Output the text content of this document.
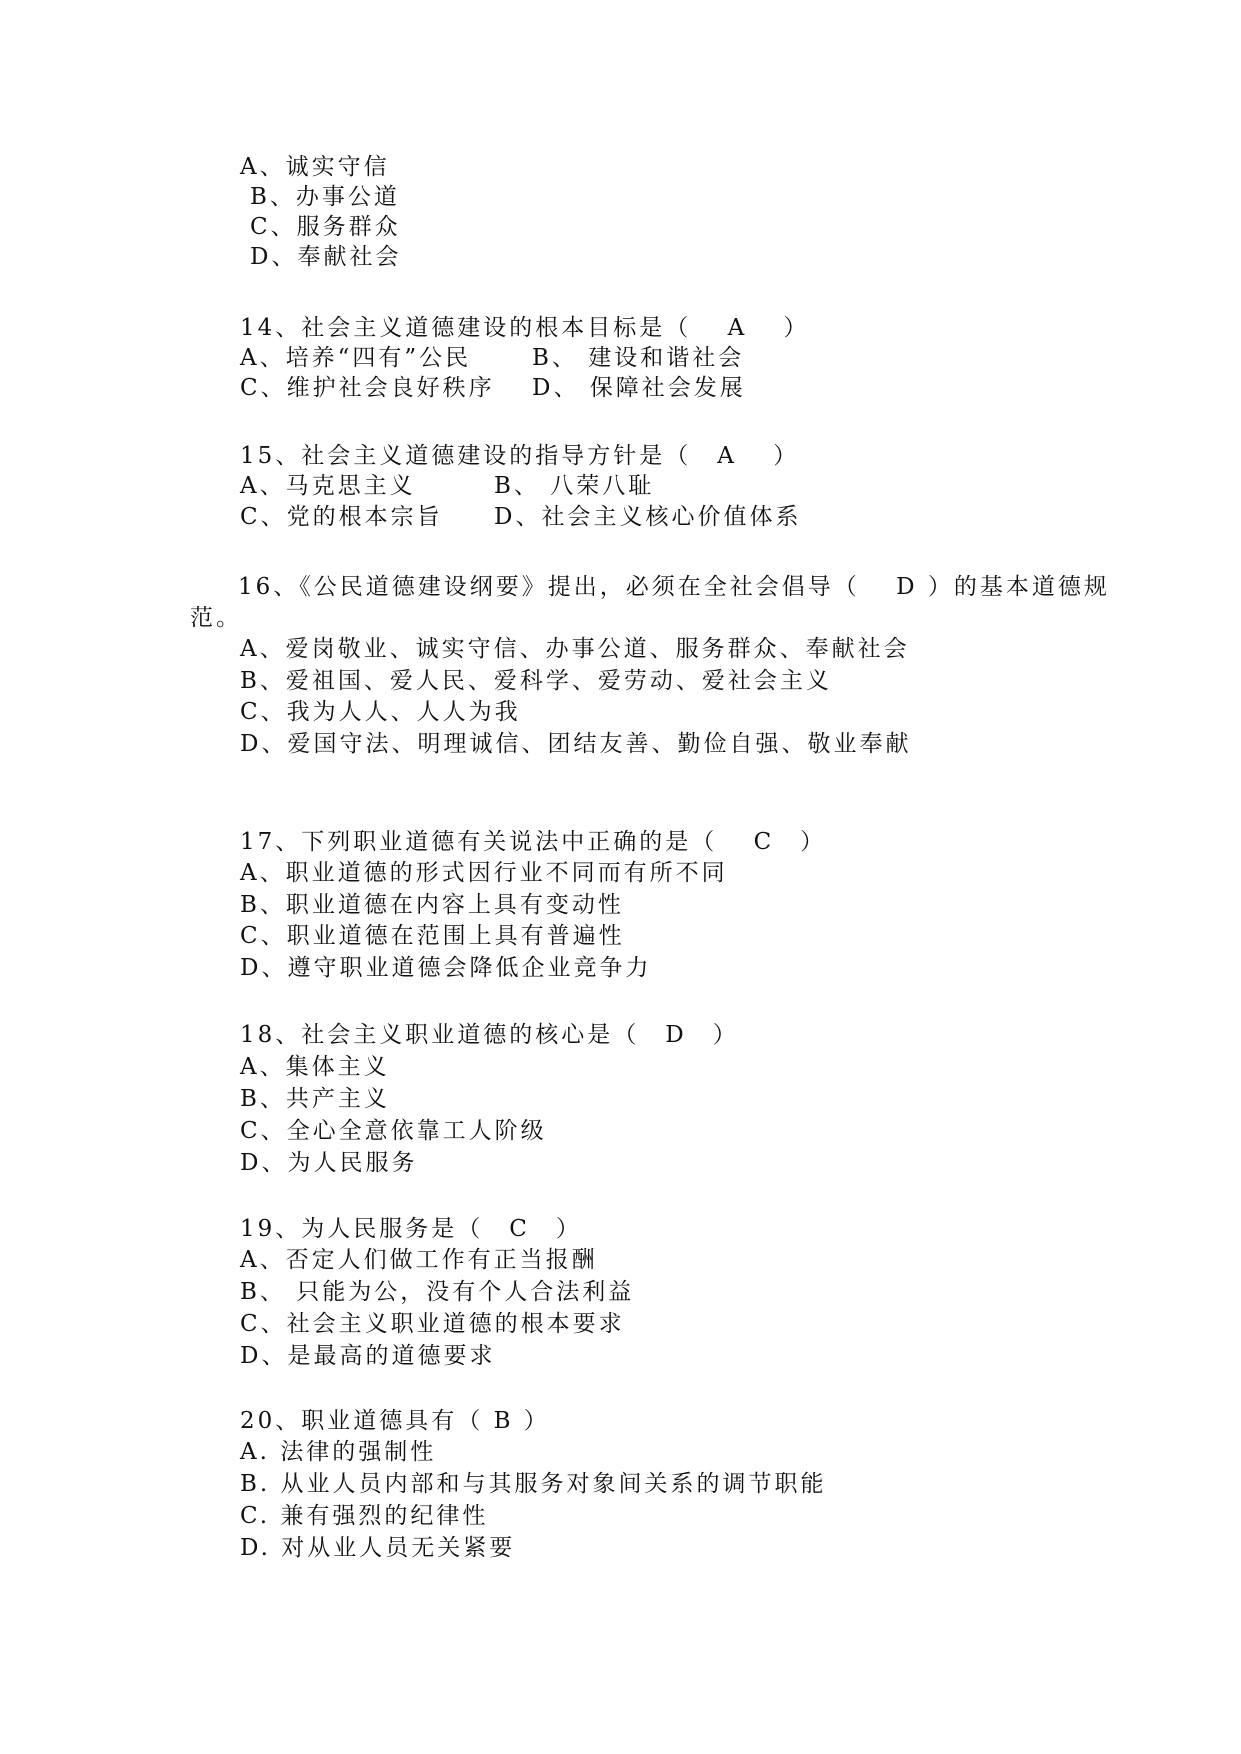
A、诚实守信
B、办事公道
C、服务群众
D、奉献社会
14、社会主义道德建设的根本目标是（　 A　 ）
A、培养“四有”公民	B、 建设和谐社会
C、维护社会良好秩序 D、 保障社会发展
15、社会主义道德建设的指导方针是（　A　 ）
A、马克思主义	B、 八荣八耻
C、党的根本宗旨 D、社会主义核心价值体系
16、《公民道德建设纲要》提出，必须在全社会倡导（　 D ）的基本道德规
范。
A、爱岗敬业、诚实守信、办事公道、服务群众、奉献社会
B、爱祖国、爱人民、爱科学、爱劳动、爱社会主义
C、我为人人、人人为我
D、爱国守法、明理诚信、团结友善、勤俭自强、敬业奉献
17、下列职业道德有关说法中正确的是（　 C　）
A、职业道德的形式因行业不同而有所不同
B、职业道德在内容上具有变动性
C、职业道德在范围上具有普遍性
D、遵守职业道德会降低企业竞争力
18、社会主义职业道德的核心是（　D　）
A、集体主义
B、共产主义
C、全心全意依靠工人阶级
D、为人民服务
19、为人民服务是（　C　）
A、否定人们做工作有正当报酬
B、 只能为公，没有个人合法利益
C、社会主义职业道德的根本要求
D、是最高的道德要求
20、职业道德具有（ B ）
A. 法律的强制性
B. 从业人员内部和与其服务对象间关系的调节职能
C. 兼有强烈的纪律性
D. 对从业人员无关紧要
